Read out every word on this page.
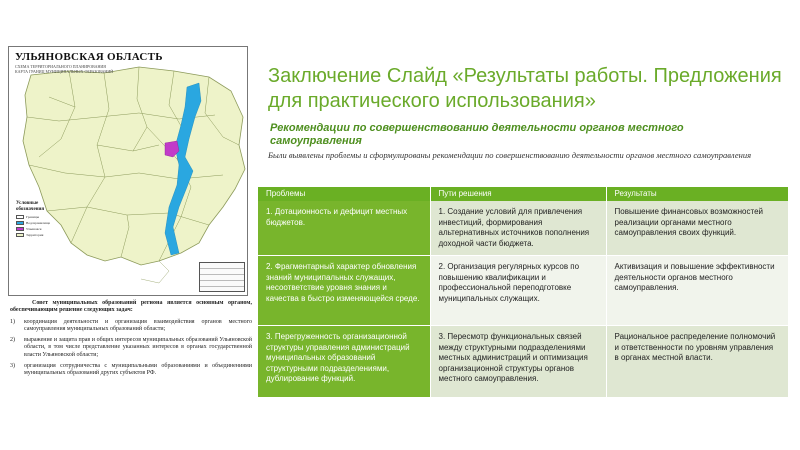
УЛЬЯНОВСКАЯ ОБЛАСТЬ
СХЕМА ТЕРРИТОРИАЛЬНОГО ПЛАНИРОВАНИЯ
КАРТА ГРАНИЦ МУНИЦИПАЛЬНЫХ ОБРАЗОВАНИЙ
Условные обозначения
Границы
Водохранилища
Ульяновск
Территория

Совет муниципальных образований региона является основным органом, обеспечивающим решение следующих задач:

1)	координация деятельности и организация взаимодействия органов местного самоуправления муниципальных образований области;
2)	выражение и защита прав и общих интересов муниципальных образований Ульяновской области, в том числе представление указанных интересов в органах государственной власти Ульяновской области;
3)	организация сотрудничества с муниципальными образованиями и объединениями муниципальных образований других субъектов РФ.
Заключение Слайд «Результаты работы. Предложения для практического использования»
Рекомендации по совершенствованию деятельности органов местного самоуправления
Были выявлены проблемы и сформулированы рекомендации по совершенствованию деятельности органов местного самоуправления
Проблемы	Пути решения	Результаты
1. Дотационность и дефицит местных бюджетов.	1. Создание условий для привлечения инвестиций, формирования альтернативных источников пополнения доходной части бюджета.	Повышение финансовых возможностей реализации органами местного самоуправления своих функций.
2. Фрагментарный характер обновления знаний муниципальных служащих, несоответствие уровня знания и качества в быстро изменяющейся среде.	2. Организация регулярных курсов по повышению квалификации и профессиональной переподготовке муниципальных служащих.	Активизация и повышение эффективности деятельности органов местного самоуправления.
3. Перегруженность организационной структуры управления администраций муниципальных образований структурными подразделениями, дублирование функций.	3. Пересмотр функциональных связей между структурными подразделениями местных администраций и оптимизация организационной структуры органов местного самоуправления.	Рациональное распределение полномочий и ответственности по уровням управления в органах местной власти.
